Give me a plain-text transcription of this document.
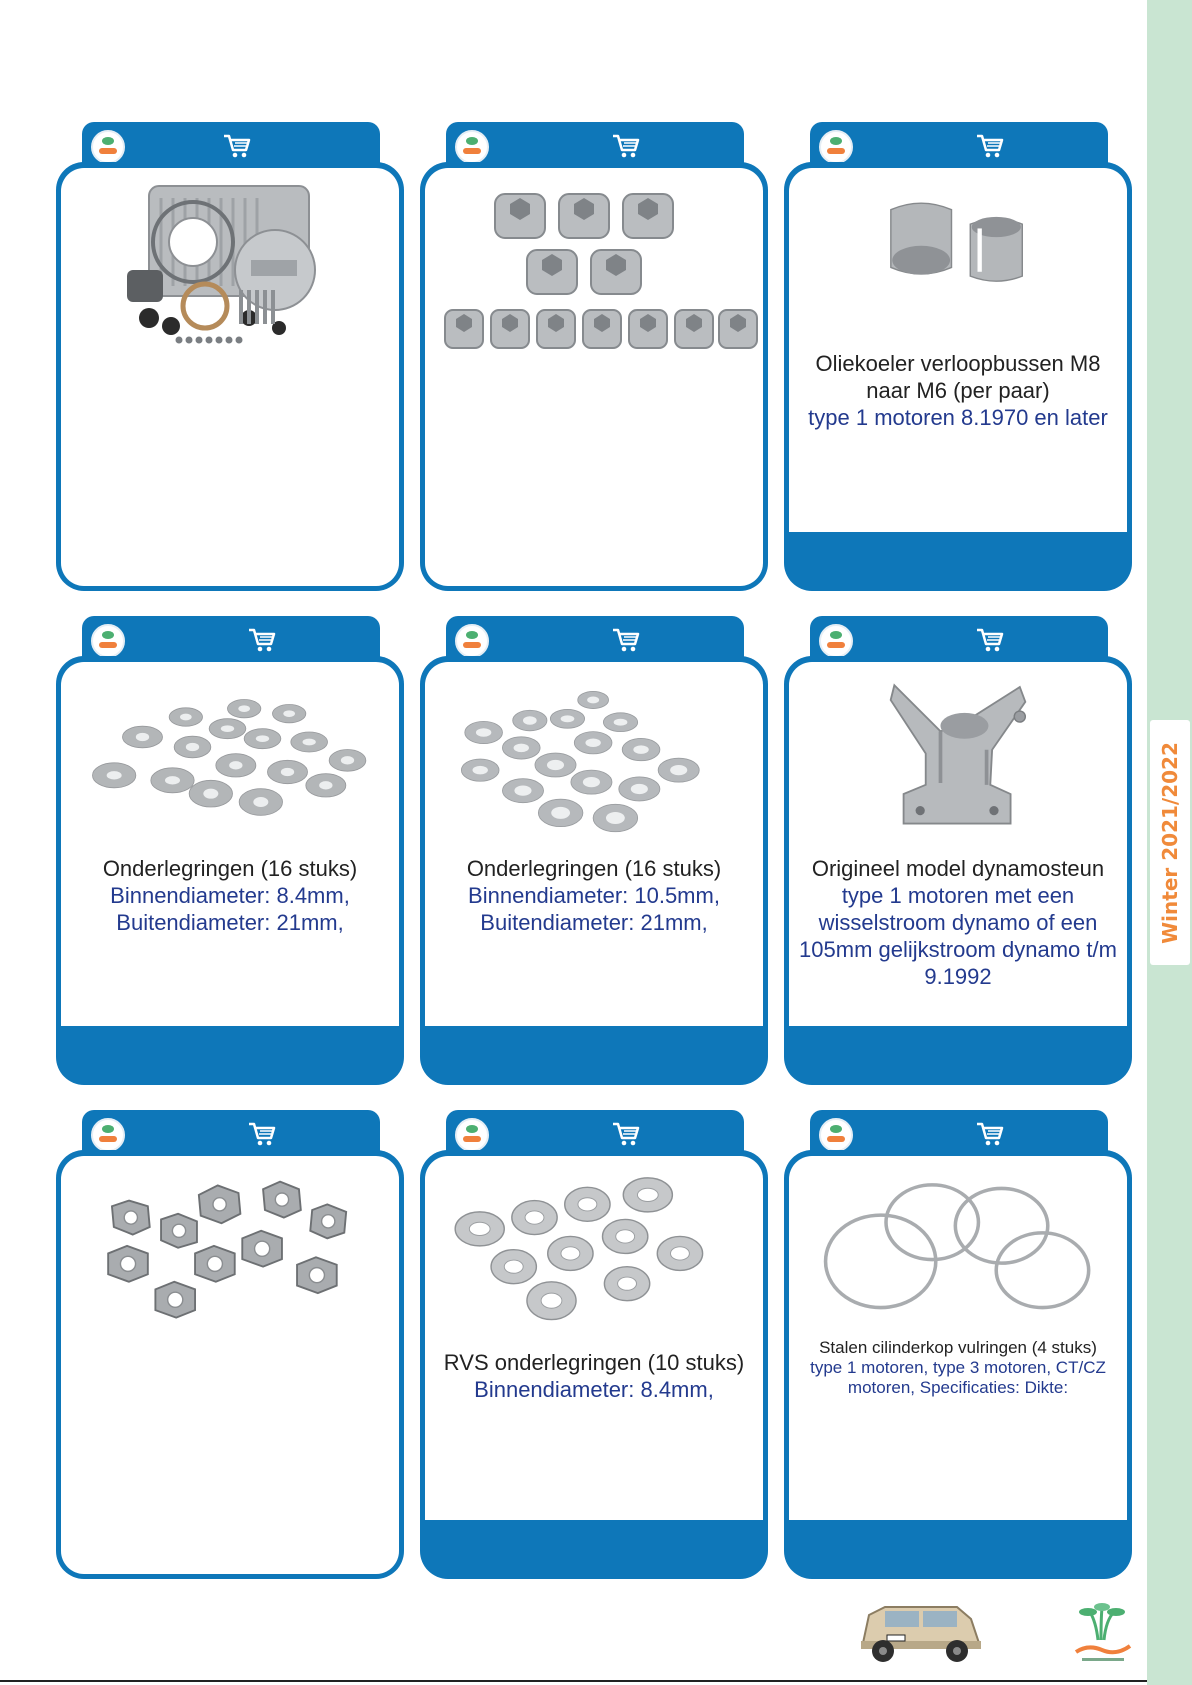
Winter 2021/2022
Oliekoeler verloopbussen M8 naar M6 (per paar)
type 1 motoren 8.1970 en later
Onderlegringen (16 stuks)
Binnendiameter: 8.4mm, Buitendiameter: 21mm,
Onderlegringen (16 stuks)
Binnendiameter: 10.5mm, Buitendiameter: 21mm,
Origineel model dynamosteun
type 1 motoren met een wisselstroom dynamo of een 105mm gelijkstroom dynamo t/m 9.1992
RVS onderlegringen (10 stuks)
Binnendiameter: 8.4mm,
Stalen cilinderkop vulringen (4 stuks)
type 1 motoren, type 3 motoren, CT/CZ motoren, Specificaties: Dikte:
